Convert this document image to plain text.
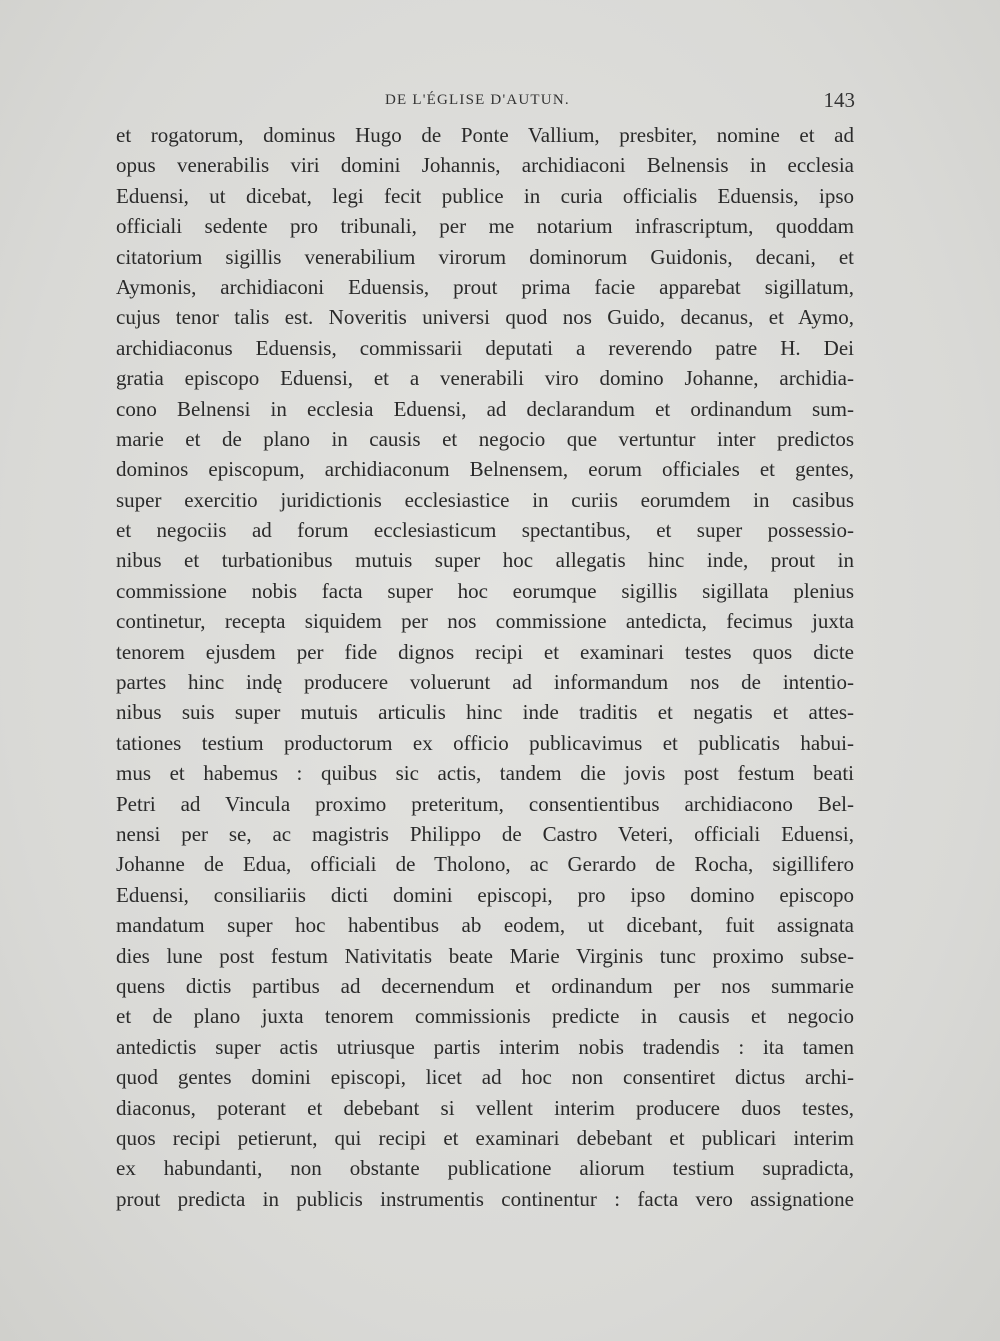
DE L'ÉGLISE D'AUTUN.	143
et rogatorum, dominus Hugo de Ponte Vallium, presbiter, nomine et ad
opus venerabilis viri domini Johannis, archidiaconi Belnensis in ecclesia
Eduensi, ut dicebat, legi fecit publice in curia officialis Eduensis, ipso
officiali sedente pro tribunali, per me notarium infrascriptum, quoddam
citatorium sigillis venerabilium virorum dominorum Guidonis, decani, et
Aymonis, archidiaconi Eduensis, prout prima facie apparebat sigillatum,
cujus tenor talis est. Noveritis universi quod nos Guido, decanus, et Aymo,
archidiaconus Eduensis, commissarii deputati a reverendo patre H. Dei
gratia episcopo Eduensi, et a venerabili viro domino Johanne, archidia-
cono Belnensi in ecclesia Eduensi, ad declarandum et ordinandum sum-
marie et de plano in causis et negocio que vertuntur inter predictos
dominos episcopum, archidiaconum Belnensem, eorum officiales et gentes,
super exercitio juridictionis ecclesiastice in curiis eorumdem in casibus
et negociis ad forum ecclesiasticum spectantibus, et super possessio-
nibus et turbationibus mutuis super hoc allegatis hinc inde, prout in
commissione nobis facta super hoc eorumque sigillis sigillata plenius
continetur, recepta siquidem per nos commissione antedicta, fecimus juxta
tenorem ejusdem per fide dignos recipi et examinari testes quos dicte
partes hinc indę producere voluerunt ad informandum nos de intentio-
nibus suis super mutuis articulis hinc inde traditis et negatis et attes-
tationes testium productorum ex officio publicavimus et publicatis habui-
mus et habemus : quibus sic actis, tandem die jovis post festum beati
Petri ad Vincula proximo preteritum, consentientibus archidiacono Bel-
nensi per se, ac magistris Philippo de Castro Veteri, officiali Eduensi,
Johanne de Edua, officiali de Tholono, ac Gerardo de Rocha, sigillifero
Eduensi, consiliariis dicti domini episcopi, pro ipso domino episcopo
mandatum super hoc habentibus ab eodem, ut dicebant, fuit assignata
dies lune post festum Nativitatis beate Marie Virginis tunc proximo subse-
quens dictis partibus ad decernendum et ordinandum per nos summarie
et de plano juxta tenorem commissionis predicte in causis et negocio
antedictis super actis utriusque partis interim nobis tradendis : ita tamen
quod gentes domini episcopi, licet ad hoc non consentiret dictus archi-
diaconus, poterant et debebant si vellent interim producere duos testes,
quos recipi petierunt, qui recipi et examinari debebant et publicari interim
ex habundanti, non obstante publicatione aliorum testium supradicta,
prout predicta in publicis instrumentis continentur : facta vero assignatione
